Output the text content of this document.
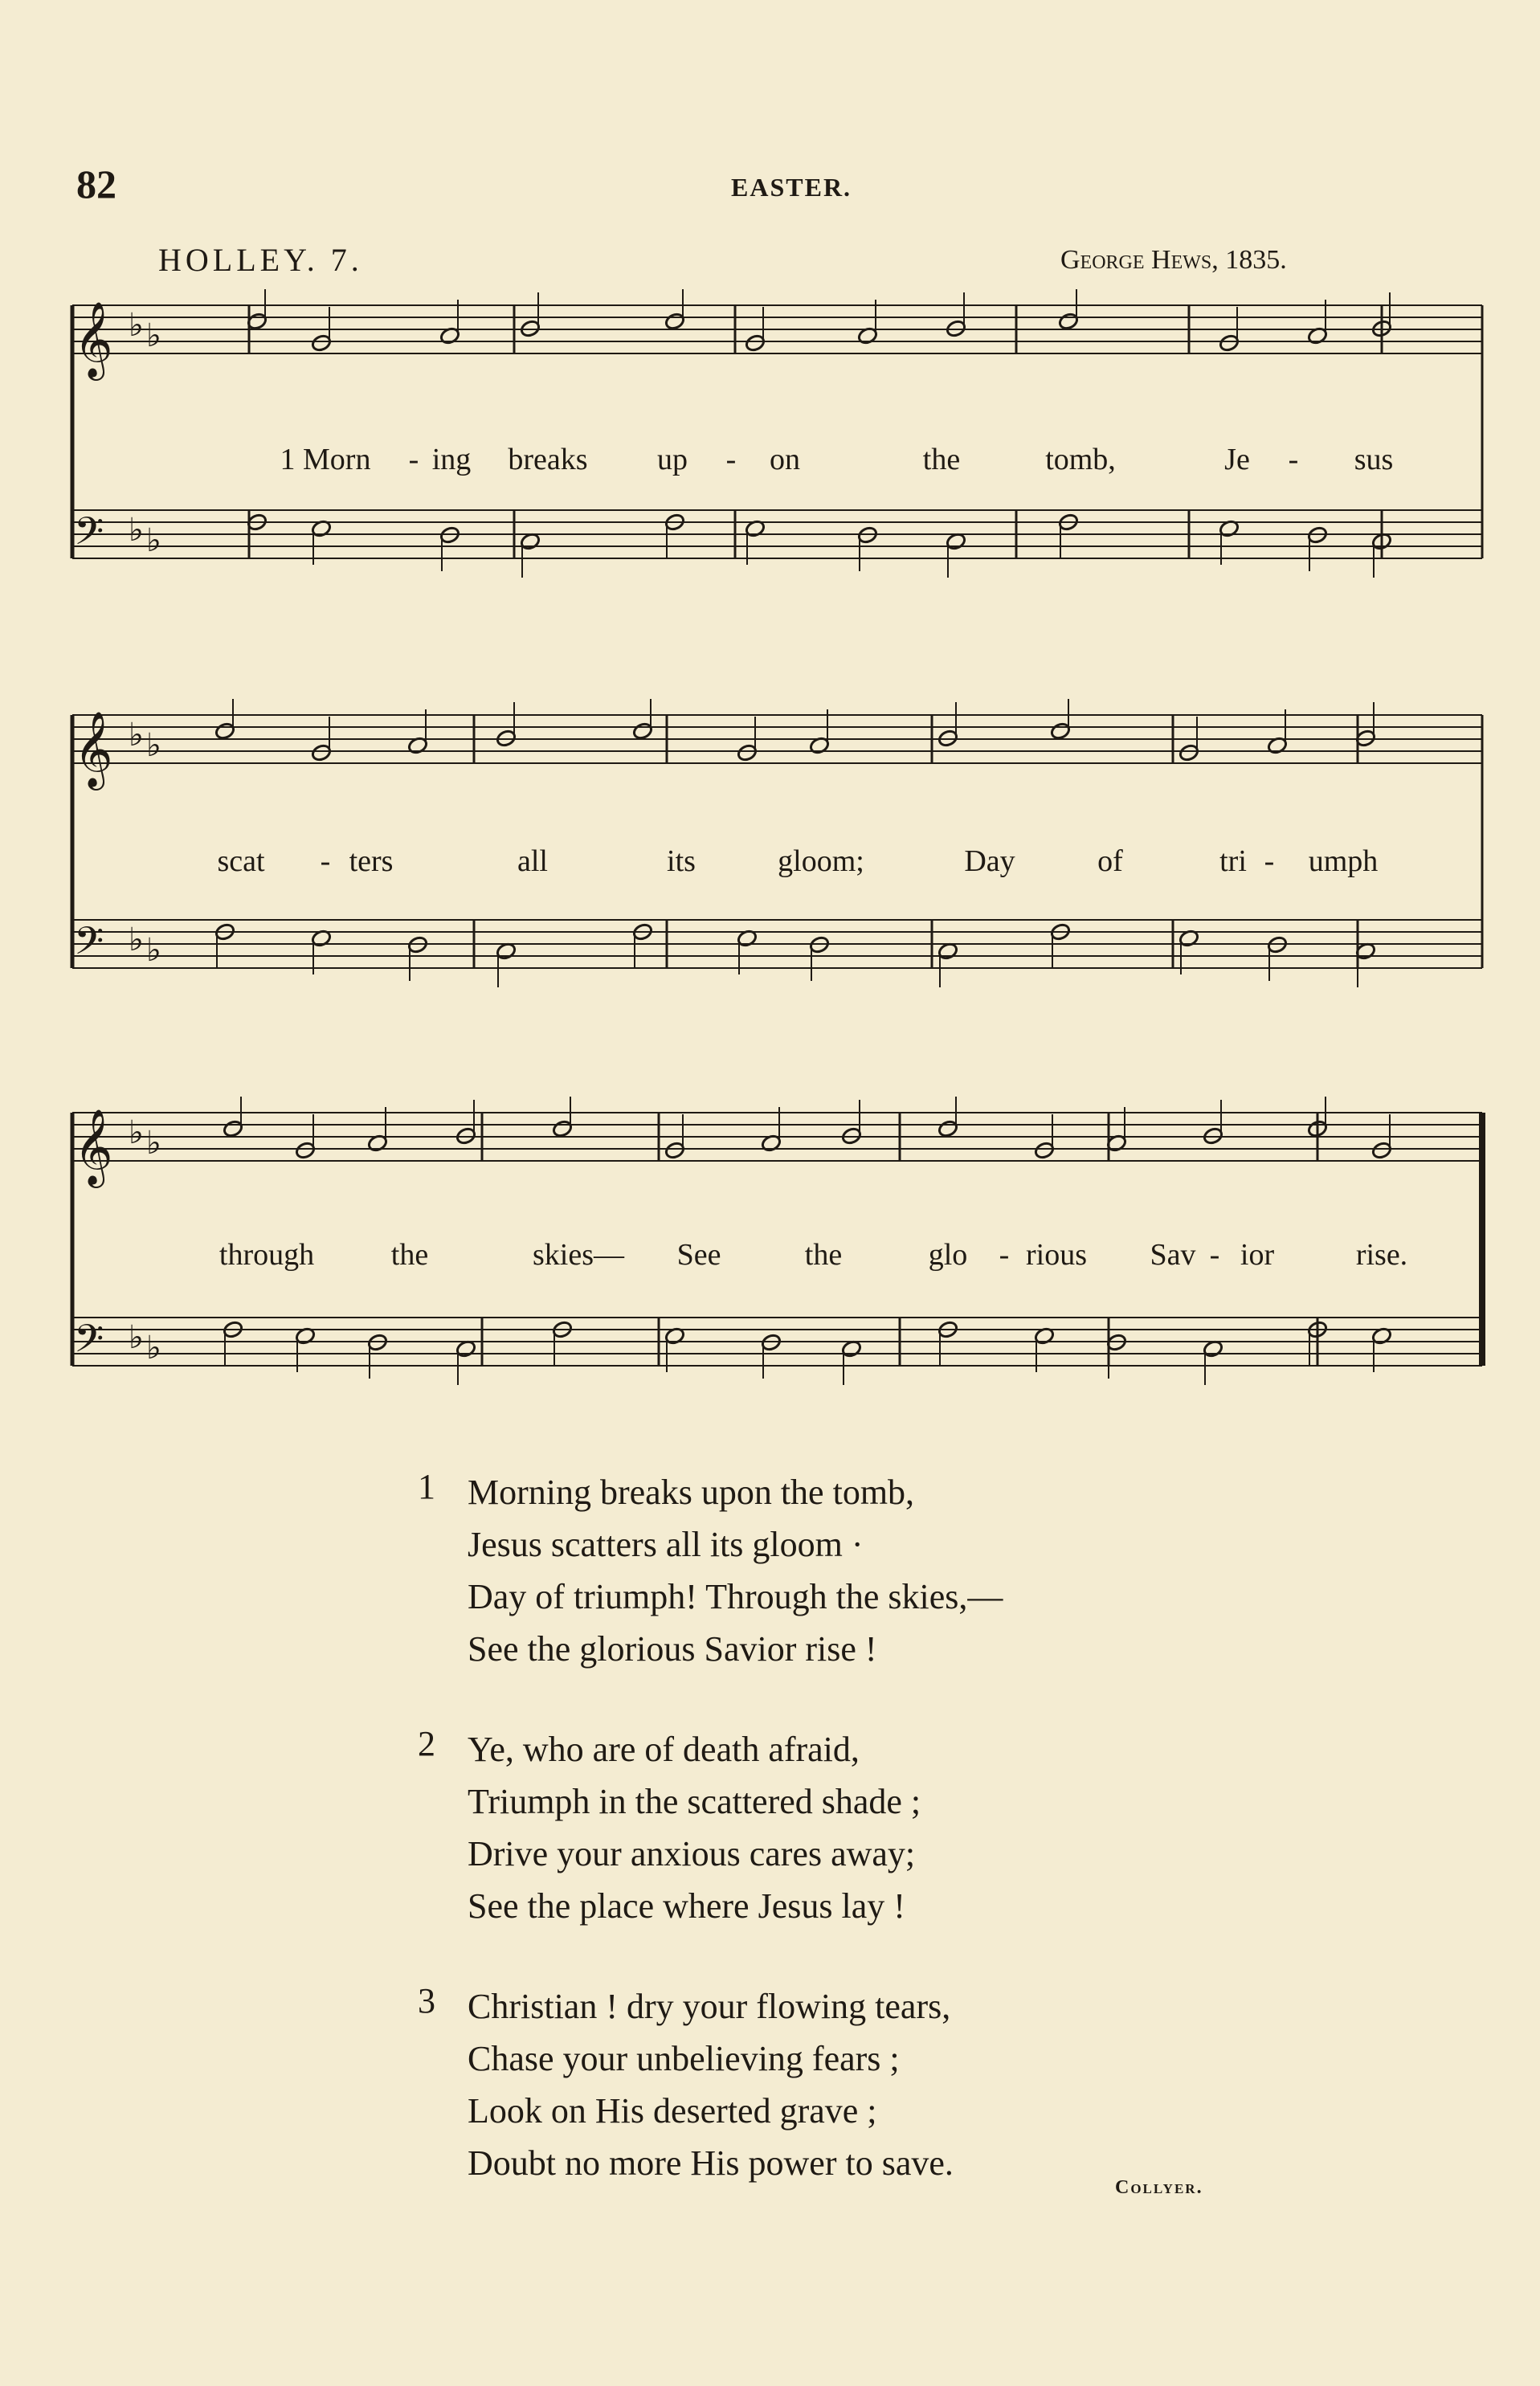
82	EASTER.
HOLLEY. 7.	George Hews, 1835.
𝄞 ♭ ♭
𝄢 ♭ ♭
1 Morn - ing breaks up - on	the	tomb,	Je - sus
𝄞 ♭ ♭
𝄢 ♭ ♭
scat - ters	all	its	gloom;	Day	of	tri - umph
𝄞 ♭ ♭
𝄢 ♭ ♭
through	the	skies— See	the	glo - rious Sav - ior	rise.
1 Morning breaks upon the tomb,
Jesus scatters all its gloom ·
Day of triumph! Through the skies,—
See the glorious Savior rise !
2 Ye, who are of death afraid,
Triumph in the scattered shade ;
Drive your anxious cares away;
See the place where Jesus lay !
3 Christian ! dry your flowing tears,
Chase your unbelieving fears ;
Look on His deserted grave ;
Doubt no more His power to save.
Collyer.
